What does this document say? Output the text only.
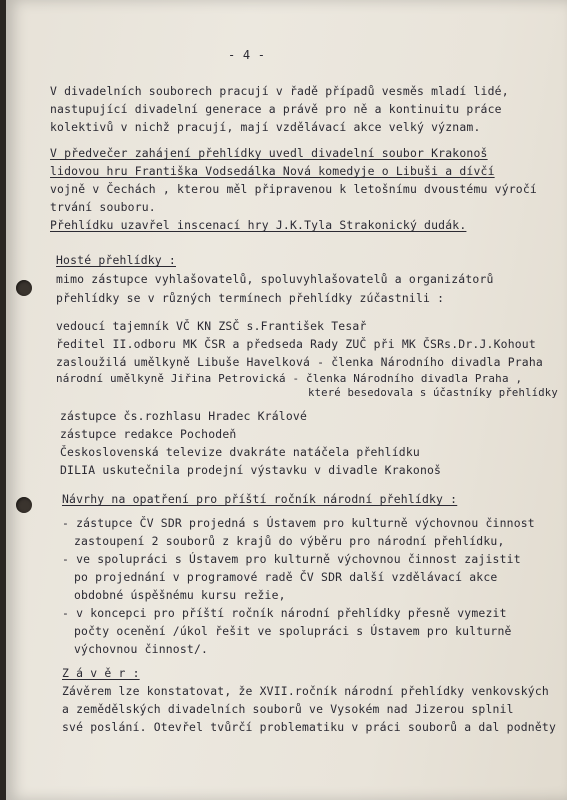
- 4 -
V divadelních souborech pracují v řadě případů vesměs mladí lidé,
nastupující divadelní generace a právě pro ně a kontinuitu práce
kolektivů v nichž pracují, mají vzdělávací akce velký význam.
V předvečer zahájení přehlídky uvedl divadelní soubor Krakonoš
lidovou hru Františka Vodsedálka Nová komedyje o Libuši a dívčí
vojně v Čechách , kterou měl připravenou k letošnímu dvoustému výročí
trvání souboru.
Přehlídku uzavřel inscenací hry J.K.Tyla Strakonický dudák.
Hosté přehlídky :
mimo zástupce vyhlašovatelů, spoluvyhlašovatelů a organizátorů
přehlídky se v různých termínech přehlídky zúčastnili :
vedoucí tajemník VČ KN ZSČ s.František Tesař
ředitel II.odboru MK ČSR a předseda Rady ZUČ při MK ČSRs.Dr.J.Kohout
zasloužilá umělkyně Libuše Havelková - členka Národního divadla Praha
národní umělkyně Jiřina Petrovická - členka Národního divadla Praha ,
které besedovala s účastníky přehlídky
zástupce čs.rozhlasu Hradec Králové
zástupce redakce Pochodeň
Československá televize dvakráte natáčela přehlídku
DILIA uskutečnila prodejní výstavku v divadle Krakonoš
Návrhy na opatření pro příští ročník národní přehlídky :
- zástupce ČV SDR projedná s Ústavem pro kulturně výchovnou činnost
zastoupení 2 souborů z krajů do výběru pro národní přehlídku,
- ve spolupráci s Ústavem pro kulturně výchovnou činnost zajistit
po projednání v programové radě ČV SDR další vzdělávací akce
obdobné úspěšnému kursu režie,
- v koncepci pro příští ročník národní přehlídky přesně vymezit
počty ocenění /úkol řešit ve spolupráci s Ústavem pro kulturně
výchovnou činnost/.
Z á v ě r :
Závěrem lze konstatovat, že XVII.ročník národní přehlídky venkovských
a zemědělských divadelních souborů ve Vysokém nad Jizerou splnil
své poslání. Otevřel tvůrčí problematiku v práci souborů a dal podněty
